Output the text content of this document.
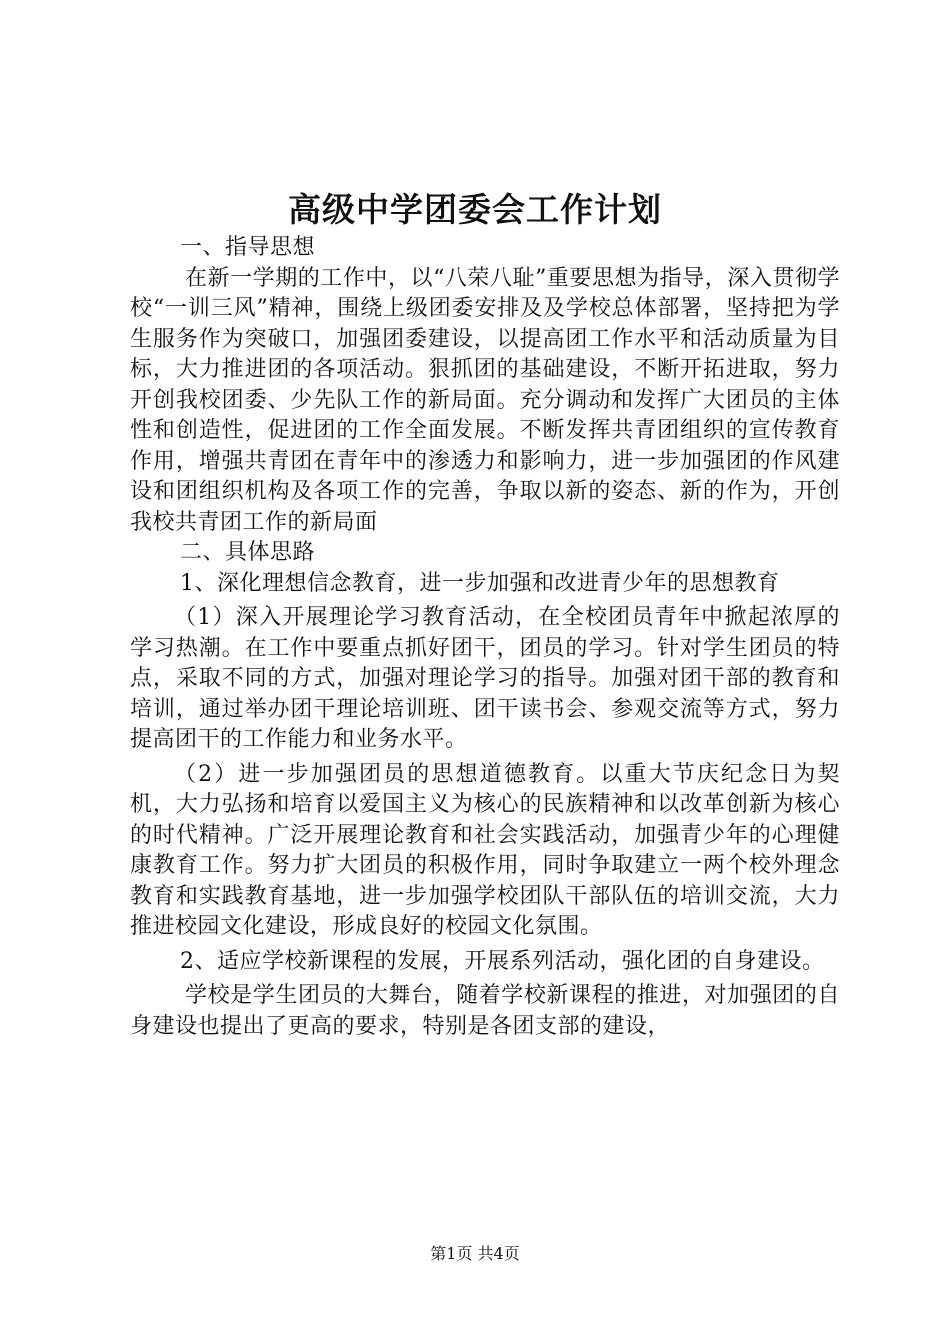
高级中学团委会工作计划

一、指导思想

在新一学期的工作中，以“八荣八耻”重要思想为指导，深入贯彻学校“一训三风”精神，围绕上级团委安排及及学校总体部署，坚持把为学生服务作为突破口，加强团委建设，以提高团工作水平和活动质量为目标，大力推进团的各项活动。狠抓团的基础建设，不断开拓进取，努力开创我校团委、少先队工作的新局面。充分调动和发挥广大团员的主体性和创造性，促进团的工作全面发展。不断发挥共青团组织的宣传教育作用，增强共青团在青年中的渗透力和影响力，进一步加强团的作风建设和团组织机构及各项工作的完善，争取以新的姿态、新的作为，开创我校共青团工作的新局面

二、具体思路

1、深化理想信念教育，进一步加强和改进青少年的思想教育

（1）深入开展理论学习教育活动，在全校团员青年中掀起浓厚的学习热潮。在工作中要重点抓好团干，团员的学习。针对学生团员的特点，采取不同的方式，加强对理论学习的指导。加强对团干部的教育和培训，通过举办团干理论培训班、团干读书会、参观交流等方式，努力提高团干的工作能力和业务水平。

（2）进一步加强团员的思想道德教育。以重大节庆纪念日为契机，大力弘扬和培育以爱国主义为核心的民族精神和以改革创新为核心的时代精神。广泛开展理论教育和社会实践活动，加强青少年的心理健康教育工作。努力扩大团员的积极作用，同时争取建立一两个校外理念教育和实践教育基地，进一步加强学校团队干部队伍的培训交流，大力推进校园文化建设，形成良好的校园文化氛围。

2、适应学校新课程的发展，开展系列活动，强化团的自身建设。

学校是学生团员的大舞台，随着学校新课程的推进，对加强团的自身建设也提出了更高的要求，特别是各团支部的建设，

第1页 共4页
